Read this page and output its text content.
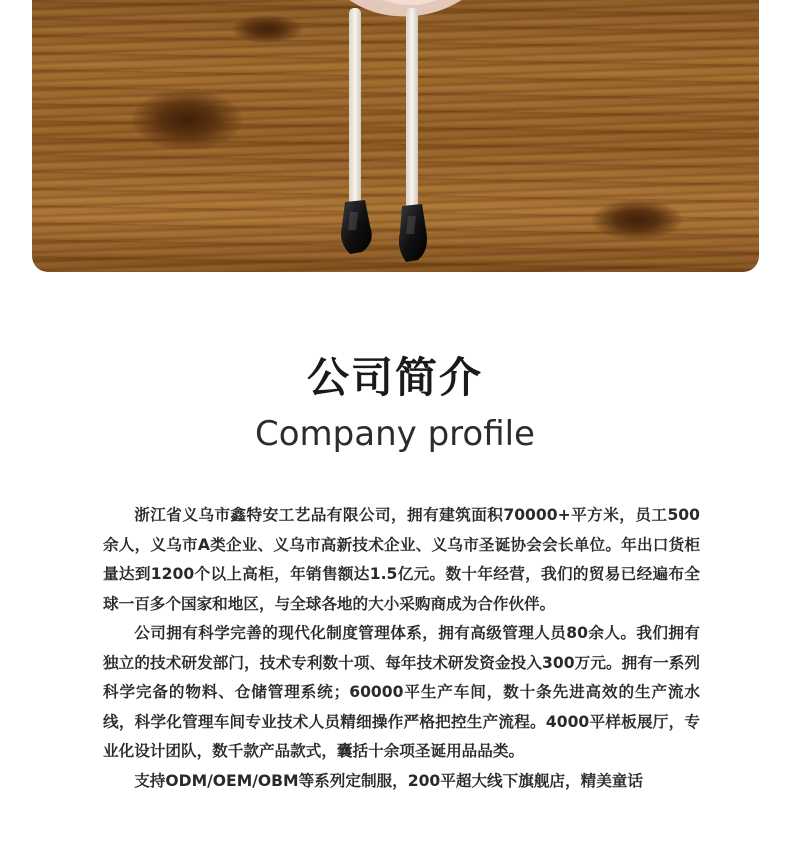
公司简介
Company profile

浙江省义乌市鑫特安工艺品有限公司，拥有建筑面积70000+平方米，员工500余人，义乌市A类企业、义乌市高新技术企业、义乌市圣诞协会会长单位。年出口货柜量达到1200个以上高柜，年销售额达1.5亿元。数十年经营，我们的贸易已经遍布全球一百多个国家和地区，与全球各地的大小采购商成为合作伙伴。

公司拥有科学完善的现代化制度管理体系，拥有高级管理人员80余人。我们拥有独立的技术研发部门，技术专利数十项、每年技术研发资金投入300万元。拥有一系列科学完备的物料、仓储管理系统；60000平生产车间，数十条先进高效的生产流水线，科学化管理车间专业技术人员精细操作严格把控生产流程。4000平样板展厅，专业化设计团队，数千款产品款式，囊括十余项圣诞用品品类。

支持ODM/OEM/OBM等系列定制服，200平超大线下旗舰店，精美童话
